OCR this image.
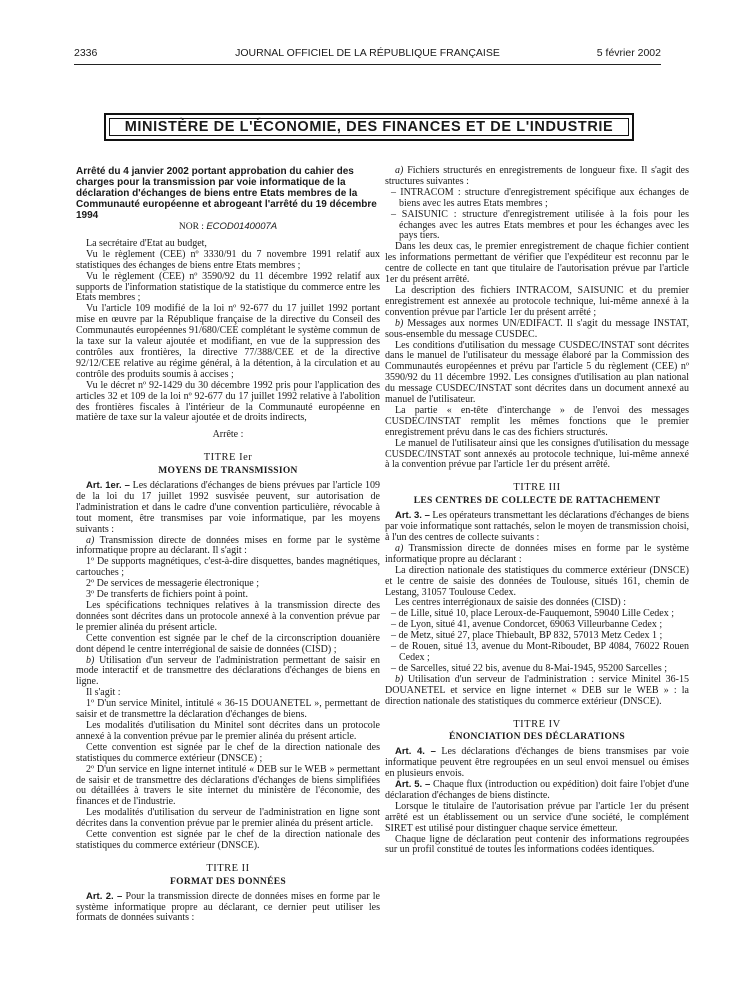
2336	JOURNAL OFFICIEL DE LA RÉPUBLIQUE FRANÇAISE	5 février 2002
MINISTÈRE DE L'ÉCONOMIE, DES FINANCES ET DE L'INDUSTRIE

Arrêté du 4 janvier 2002 portant approbation du cahier des charges pour la transmission par voie informatique de la déclaration d'échanges de biens entre Etats membres de la Communauté européenne et abrogeant l'arrêté du 19 décembre 1994

NOR : ECOD0140007A

La secrétaire d'Etat au budget,

Vu le règlement (CEE) nº 3330/91 du 7 novembre 1991 relatif aux statistiques des échanges de biens entre Etats membres ;

Vu le règlement (CEE) nº 3590/92 du 11 décembre 1992 relatif aux supports de l'information statistique de la statistique du commerce entre les Etats membres ;

Vu l'article 109 modifié de la loi nº 92-677 du 17 juillet 1992 portant mise en œuvre par la République française de la directive du Conseil des Communautés européennes 91/680/CEE complétant le système commun de la taxe sur la valeur ajoutée et modifiant, en vue de la suppression des contrôles aux frontières, la directive 77/388/CEE et de la directive 92/12/CEE relative au régime général, à la détention, à la circulation et au contrôle des produits soumis à accises ;

Vu le décret nº 92-1429 du 30 décembre 1992 pris pour l'application des articles 32 et 109 de la loi nº 92-677 du 17 juillet 1992 relative à l'abolition des frontières fiscales à l'intérieur de la Communauté européenne en matière de taxe sur la valeur ajoutée et de droits indirects,

Arrête :
TITRE Ier
MOYENS DE TRANSMISSION

Art. 1er. – Les déclarations d'échanges de biens prévues par l'article 109 de la loi du 17 juillet 1992 susvisée peuvent, sur autorisation de l'administration et dans le cadre d'une convention particulière, révocable à tout moment, être transmises par voie informatique, par les moyens suivants :

a) Transmission directe de données mises en forme par le système informatique propre au déclarant. Il s'agit :

1º De supports magnétiques, c'est-à-dire disquettes, bandes magnétiques, cartouches ;

2º De services de messagerie électronique ;

3º De transferts de fichiers point à point.

Les spécifications techniques relatives à la transmission directe des données sont décrites dans un protocole annexé à la convention prévue par le premier alinéa du présent article.

Cette convention est signée par le chef de la circonscription douanière dont dépend le centre interrégional de saisie de données (CISD) ;

b) Utilisation d'un serveur de l'administration permettant de saisir en mode interactif et de transmettre des déclarations d'échanges de biens en ligne.

Il s'agit :

1º D'un service Minitel, intitulé « 36-15 DOUANETEL », permettant de saisir et de transmettre la déclaration d'échanges de biens.

Les modalités d'utilisation du Minitel sont décrites dans un protocole annexé à la convention prévue par le premier alinéa du présent article.

Cette convention est signée par le chef de la direction nationale des statistiques du commerce extérieur (DNSCE) ;

2º D'un service en ligne internet intitulé « DEB sur le WEB » permettant de saisir et de transmettre des déclarations d'échanges de biens simplifiées ou détaillées à travers le site internet du ministère de l'économie, des finances et de l'industrie.

Les modalités d'utilisation du serveur de l'administration en ligne sont décrites dans la convention prévue par le premier alinéa du présent article.

Cette convention est signée par le chef de la direction nationale des statistiques du commerce extérieur (DNSCE).

TITRE II
FORMAT DES DONNÉES

Art. 2. – Pour la transmission directe de données mises en forme par le système informatique propre au déclarant, ce dernier peut utiliser les formats de données suivants :

a) Fichiers structurés en enregistrements de longueur fixe. Il s'agit des structures suivantes :

– INTRACOM : structure d'enregistrement spécifique aux échanges de biens avec les autres Etats membres ;

– SAISUNIC : structure d'enregistrement utilisée à la fois pour les échanges avec les autres Etats membres et pour les échanges avec les pays tiers.

Dans les deux cas, le premier enregistrement de chaque fichier contient les informations permettant de vérifier que l'expéditeur est reconnu par le centre de collecte en tant que titulaire de l'autorisation prévue par l'article 1er du présent arrêté.

La description des fichiers INTRACOM, SAISUNIC et du premier enregistrement est annexée au protocole technique, lui-même annexé à la convention prévue par l'article 1er du présent arrêté ;

b) Messages aux normes UN/EDIFACT. Il s'agit du message INSTAT, sous-ensemble du message CUSDEC.

Les conditions d'utilisation du message CUSDEC/INSTAT sont décrites dans le manuel de l'utilisateur du message élaboré par la Commission des Communautés européennes et prévu par l'article 5 du règlement (CEE) nº 3590/92 du 11 décembre 1992. Les consignes d'utilisation au plan national du message CUSDEC/INSTAT sont décrites dans un document annexé au manuel de l'utilisateur.

La partie « en-tête d'interchange » de l'envoi des messages CUSDEC/INSTAT remplit les mêmes fonctions que le premier enregistrement prévu dans le cas des fichiers structurés.

Le manuel de l'utilisateur ainsi que les consignes d'utilisation du message CUSDEC/INSTAT sont annexés au protocole technique, lui-même annexé à la convention prévue par l'article 1er du présent arrêté.

TITRE III
LES CENTRES DE COLLECTE DE RATTACHEMENT

Art. 3. – Les opérateurs transmettant les déclarations d'échanges de biens par voie informatique sont rattachés, selon le moyen de transmission choisi, à l'un des centres de collecte suivants :

a) Transmission directe de données mises en forme par le système informatique propre au déclarant :

La direction nationale des statistiques du commerce extérieur (DNSCE) et le centre de saisie des données de Toulouse, situés 161, chemin de Lestang, 31057 Toulouse Cedex.

Les centres interrégionaux de saisie des données (CISD) :

– de Lille, situé 10, place Leroux-de-Fauquemont, 59040 Lille Cedex ;

– de Lyon, situé 41, avenue Condorcet, 69063 Villeurbanne Cedex ;

– de Metz, situé 27, place Thiebault, BP 832, 57013 Metz Cedex 1 ;

– de Rouen, situé 13, avenue du Mont-Riboudet, BP 4084, 76022 Rouen Cedex ;

– de Sarcelles, situé 22 bis, avenue du 8-Mai-1945, 95200 Sarcelles ;

b) Utilisation d'un serveur de l'administration : service Minitel 36-15 DOUANETEL et service en ligne internet « DEB sur le WEB » : la direction nationale des statistiques du commerce extérieur (DNSCE).

TITRE IV
ÉNONCIATION DES DÉCLARATIONS

Art. 4. – Les déclarations d'échanges de biens transmises par voie informatique peuvent être regroupées en un seul envoi mensuel ou émises en plusieurs envois.

Art. 5. – Chaque flux (introduction ou expédition) doit faire l'objet d'une déclaration d'échanges de biens distincte.

Lorsque le titulaire de l'autorisation prévue par l'article 1er du présent arrêté est un établissement ou un service d'une société, le complément SIRET est utilisé pour distinguer chaque service émetteur.

Chaque ligne de déclaration peut contenir des informations regroupées sur un profil constitué de toutes les informations codées identiques.
